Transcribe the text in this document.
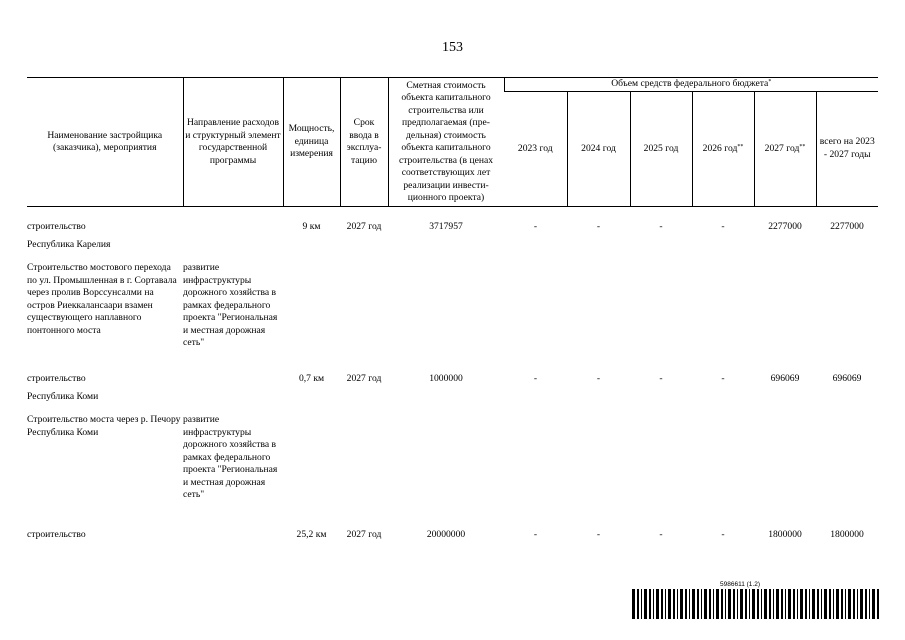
153
Наименование застройщика (заказчика), мероприятия	Направление расходов и структурный элемент государственной программы	Мощность, единица измерения	Срок ввода в эксплуа-тацию	Сметная стоимость объекта капитального строительства или предполагаемая (пре-дельная) стоимость объекта капитального строительства (в ценах соответствующих лет реализации инвести-ционного проекта)	Объем средств федерального бюджета*
					2023 год	2024 год	2025 год	2026 год**	2027 год**	всего на 2023 - 2027 годы

строительство		9 км	2027 год	3717957	-	-	-	-	2277000	2277000
Республика Карелия										

Строительство мостового перехода по ул. Промышленная в г. Сортавала через пролив Ворссунсалми на остров Риеккалансаари взамен существующего наплавного понтонного моста	развитие инфраструктуры дорожного хозяйства в рамках федерального проекта "Региональная и местная дорожная сеть"									
строительство		0,7 км	2027 год	1000000	-	-	-	-	696069	696069
Республика Коми										

Строительство моста через р. Печору Республика Коми	развитие инфраструктуры дорожного хозяйства в рамках федерального проекта "Региональная и местная дорожная сеть"									
строительство		25,2 км	2027 год	20000000	-	-	-	-	1800000	1800000
5986611 (1.2)
